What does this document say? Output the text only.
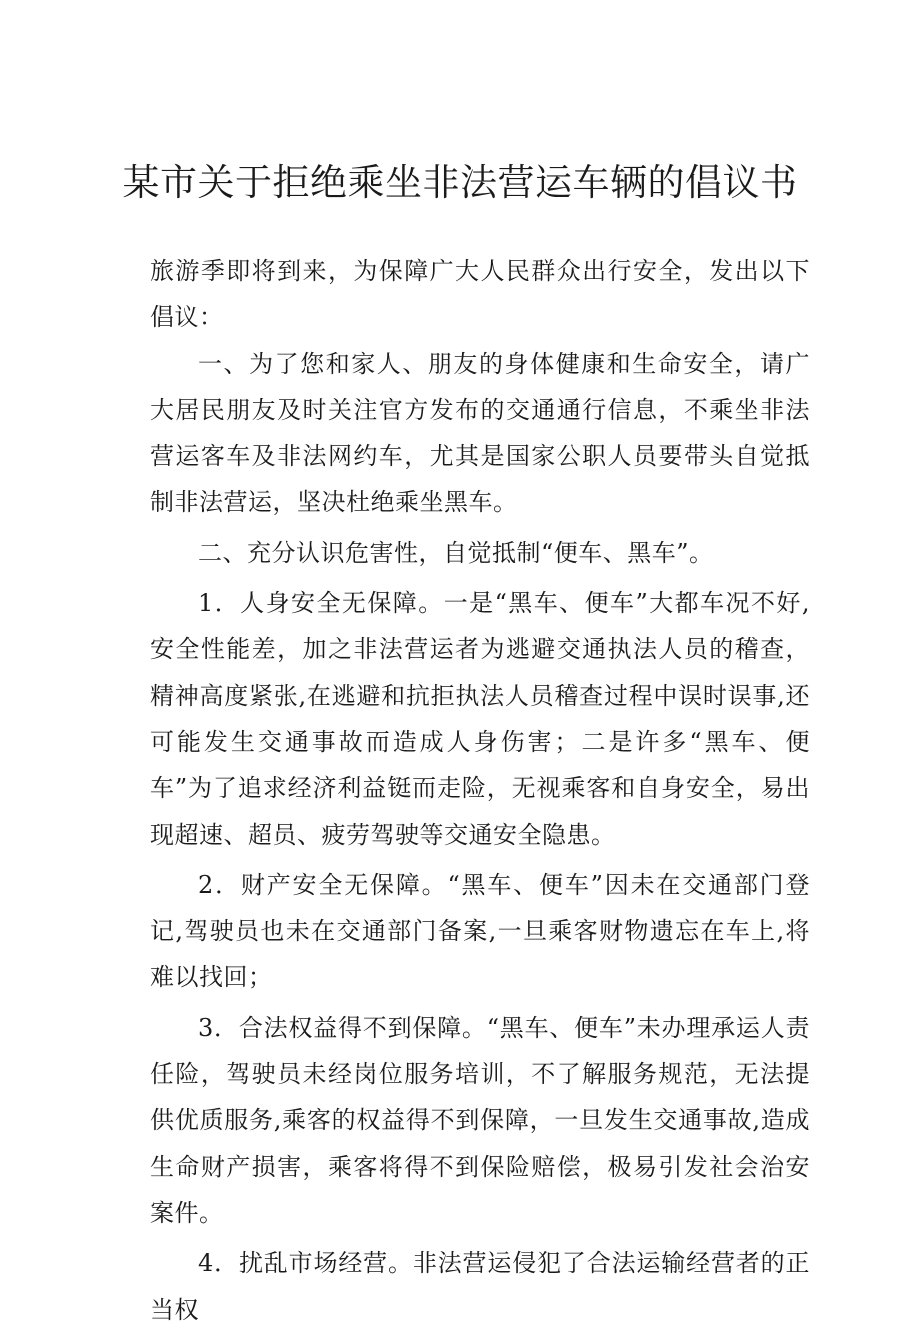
某市关于拒绝乘坐非法营运车辆的倡议书

旅游季即将到来，为保障广大人民群众出行安全，发出以下倡议：

一、为了您和家人、朋友的身体健康和生命安全，请广大居民朋友及时关注官方发布的交通通行信息，不乘坐非法营运客车及非法网约车，尤其是国家公职人员要带头自觉抵制非法营运，坚决杜绝乘坐黑车。

二、充分认识危害性，自觉抵制“便车、黑车”。

1．人身安全无保障。一是“黑车、便车”大都车况不好,安全性能差，加之非法营运者为逃避交通执法人员的稽查，精神高度紧张,在逃避和抗拒执法人员稽查过程中误时误事,还可能发生交通事故而造成人身伤害；二是许多“黑车、便车”为了追求经济利益铤而走险，无视乘客和自身安全，易出现超速、超员、疲劳驾驶等交通安全隐患。

2．财产安全无保障。“黑车、便车”因未在交通部门登记,驾驶员也未在交通部门备案,一旦乘客财物遗忘在车上,将难以找回；

3．合法权益得不到保障。“黑车、便车”未办理承运人责任险，驾驶员未经岗位服务培训，不了解服务规范，无法提供优质服务,乘客的权益得不到保障，一旦发生交通事故,造成生命财产损害，乘客将得不到保险赔偿，极易引发社会治安案件。

4．扰乱市场经营。非法营运侵犯了合法运输经营者的正当权
